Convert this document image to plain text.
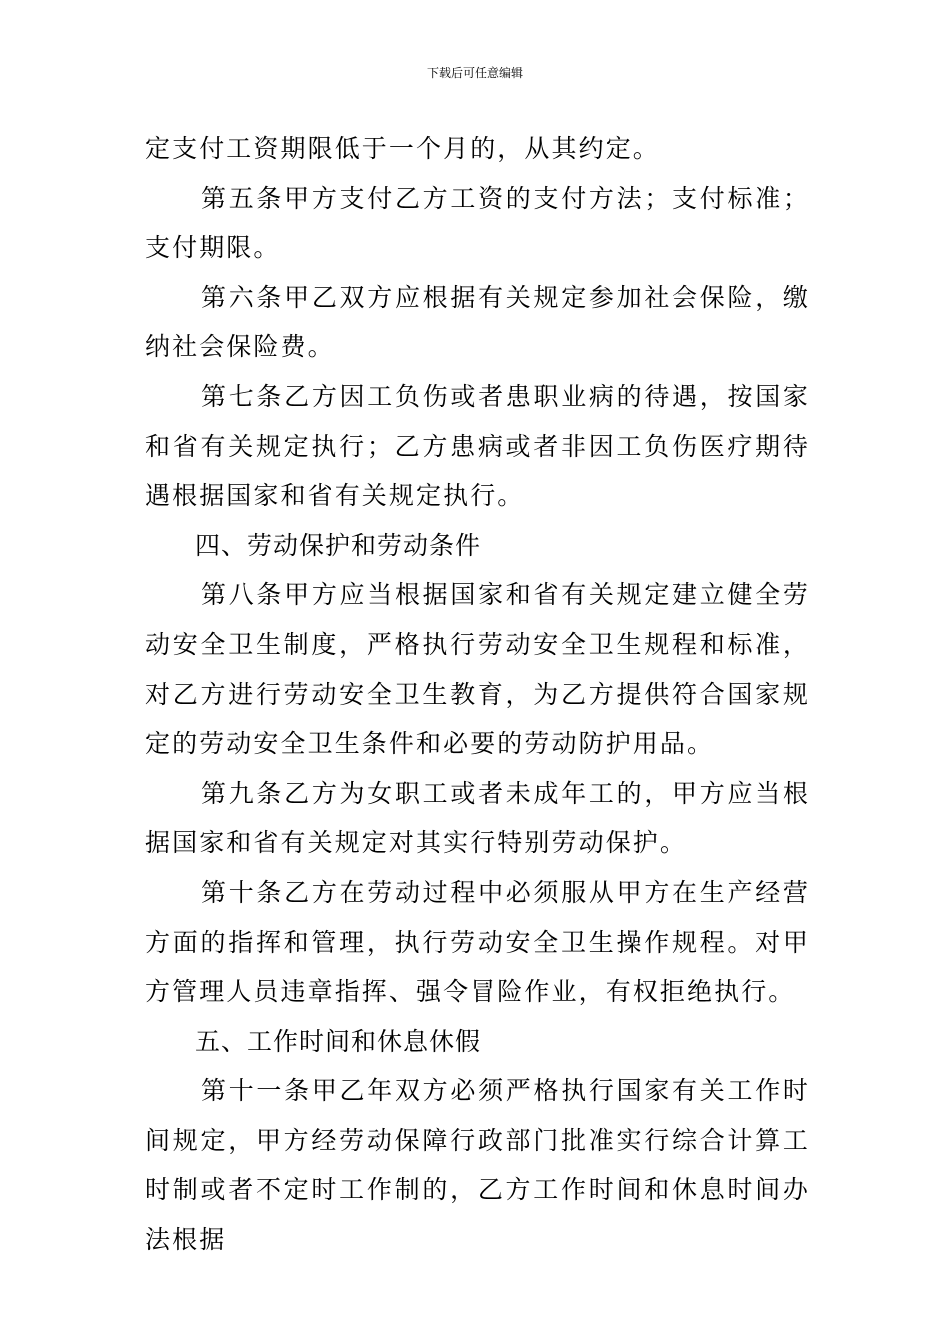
下载后可任意编辑

定支付工资期限低于一个月的，从其约定。

第五条甲方支付乙方工资的支付方法；支付标准；支付期限。

第六条甲乙双方应根据有关规定参加社会保险，缴纳社会保险费。

第七条乙方因工负伤或者患职业病的待遇，按国家和省有关规定执行；乙方患病或者非因工负伤医疗期待遇根据国家和省有关规定执行。

四、劳动保护和劳动条件

第八条甲方应当根据国家和省有关规定建立健全劳动安全卫生制度，严格执行劳动安全卫生规程和标准，对乙方进行劳动安全卫生教育，为乙方提供符合国家规定的劳动安全卫生条件和必要的劳动防护用品。

第九条乙方为女职工或者未成年工的，甲方应当根据国家和省有关规定对其实行特别劳动保护。

第十条乙方在劳动过程中必须服从甲方在生产经营方面的指挥和管理，执行劳动安全卫生操作规程。对甲方管理人员违章指挥、强令冒险作业，有权拒绝执行。

五、工作时间和休息休假

第十一条甲乙年双方必须严格执行国家有关工作时间规定，甲方经劳动保障行政部门批准实行综合计算工时制或者不定时工作制的，乙方工作时间和休息时间办法根据
